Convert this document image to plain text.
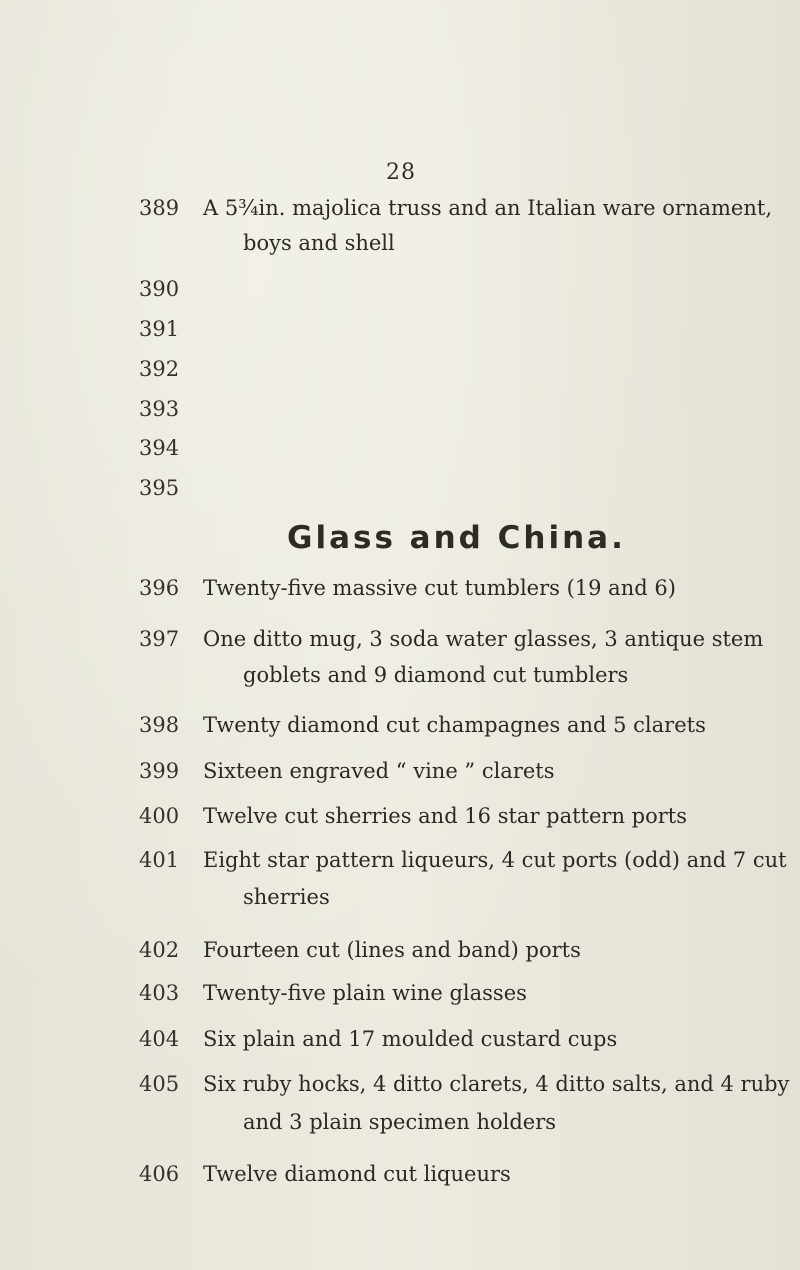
28
389	A 5¾in. majolica truss and an Italian ware ornament,
boys and shell
390
391
392
393
394
395
Glass and China.
396	Twenty-five massive cut tumblers (19 and 6)
397	One ditto mug, 3 soda water glasses, 3 antique stem
goblets and 9 diamond cut tumblers
398	Twenty diamond cut champagnes and 5 clarets
399	Sixteen engraved “ vine ” clarets
400	Twelve cut sherries and 16 star pattern ports
401	Eight star pattern liqueurs, 4 cut ports (odd) and 7 cut
sherries
402	Fourteen cut (lines and band) ports
403	Twenty-five plain wine glasses
404	Six plain and 17 moulded custard cups
405	Six ruby hocks, 4 ditto clarets, 4 ditto salts, and 4 ruby
and 3 plain specimen holders
406	Twelve diamond cut liqueurs
